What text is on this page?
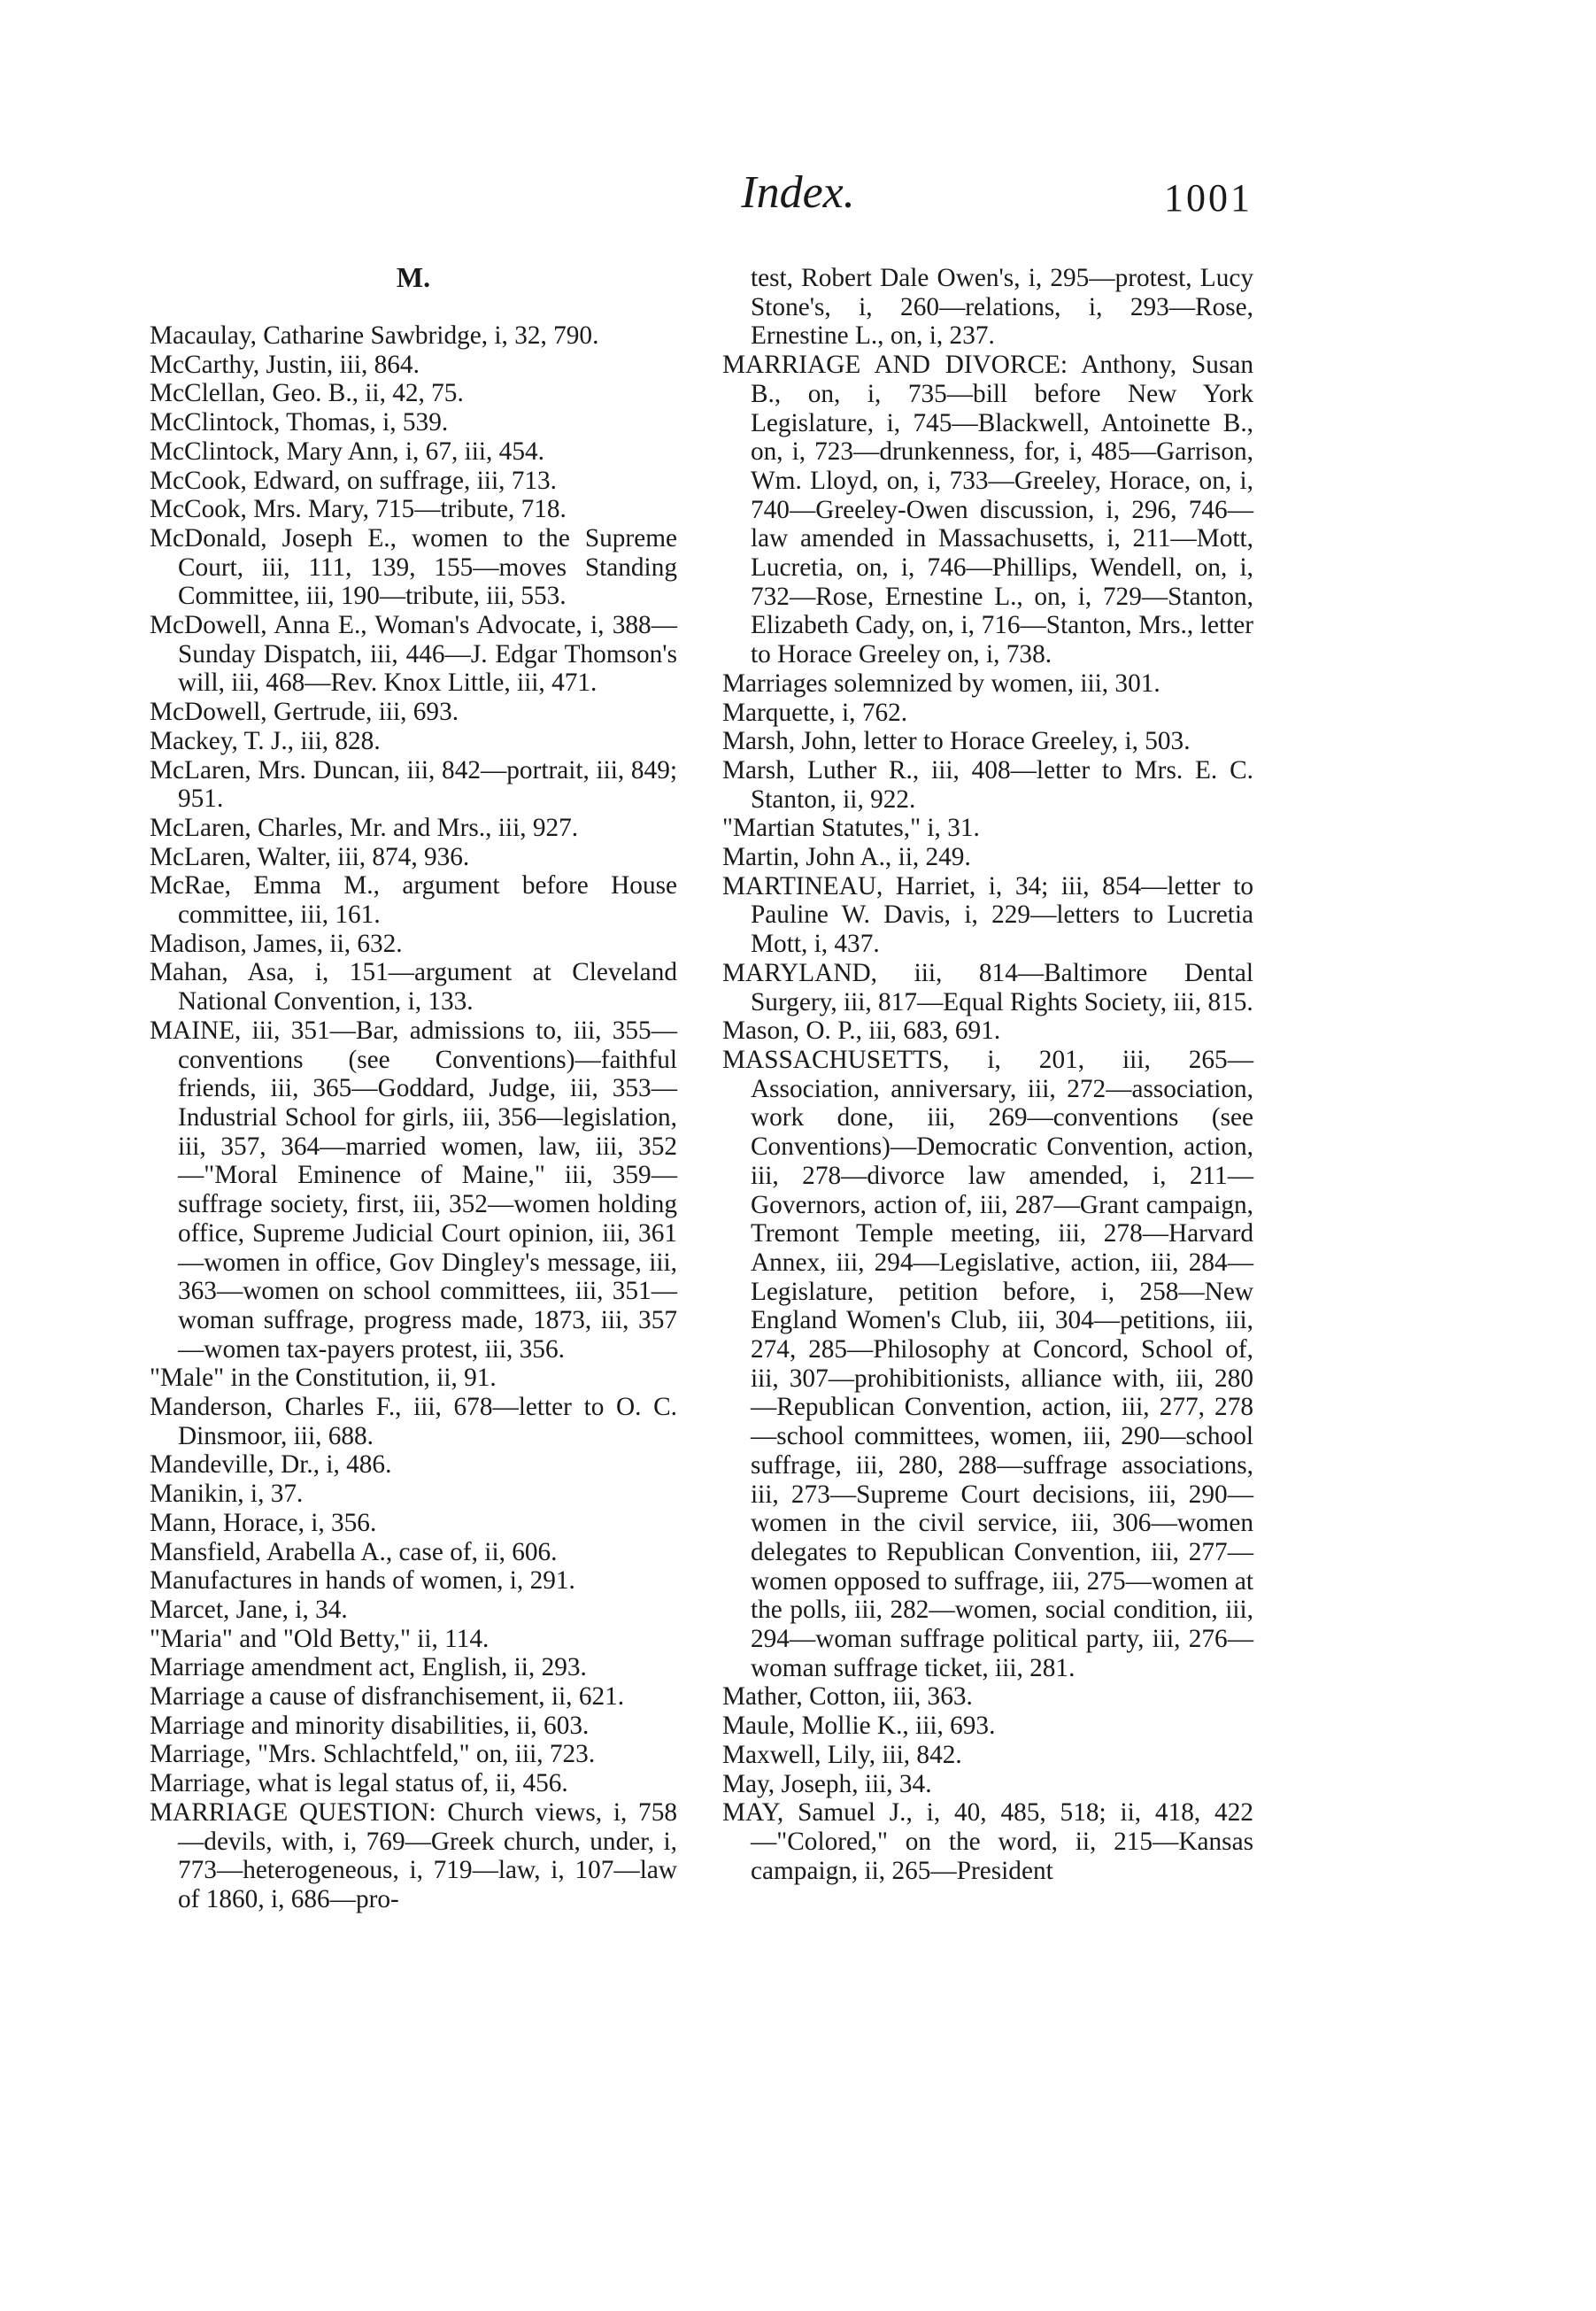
Index.	1001
M.

Macaulay, Catharine Sawbridge, i, 32, 790.

McCarthy, Justin, iii, 864.

McClellan, Geo. B., ii, 42, 75.

McClintock, Thomas, i, 539.

McClintock, Mary Ann, i, 67, iii, 454.

McCook, Edward, on suffrage, iii, 713.

McCook, Mrs. Mary, 715—tribute, 718.

McDonald, Joseph E., women to the Supreme Court, iii, 111, 139, 155—moves Standing Committee, iii, 190—tribute, iii, 553.

McDowell, Anna E., Woman's Advocate, i, 388—Sunday Dispatch, iii, 446—J. Edgar Thomson's will, iii, 468—Rev. Knox Little, iii, 471.

McDowell, Gertrude, iii, 693.

Mackey, T. J., iii, 828.

McLaren, Mrs. Duncan, iii, 842—portrait, iii, 849; 951.

McLaren, Charles, Mr. and Mrs., iii, 927.

McLaren, Walter, iii, 874, 936.

McRae, Emma M., argument before House committee, iii, 161.

Madison, James, ii, 632.

Mahan, Asa, i, 151—argument at Cleveland National Convention, i, 133.

MAINE, iii, 351—Bar, admissions to, iii, 355—conventions (see Conventions)—faithful friends, iii, 365—Goddard, Judge, iii, 353—Industrial School for girls, iii, 356—legislation, iii, 357, 364—married women, law, iii, 352—"Moral Eminence of Maine," iii, 359—suffrage society, first, iii, 352—women holding office, Supreme Judicial Court opinion, iii, 361—women in office, Gov Dingley's message, iii, 363—women on school committees, iii, 351—woman suffrage, progress made, 1873, iii, 357—women tax-payers protest, iii, 356.

"Male" in the Constitution, ii, 91.

Manderson, Charles F., iii, 678—letter to O. C. Dinsmoor, iii, 688.

Mandeville, Dr., i, 486.

Manikin, i, 37.

Mann, Horace, i, 356.

Mansfield, Arabella A., case of, ii, 606.

Manufactures in hands of women, i, 291.

Marcet, Jane, i, 34.

"Maria" and "Old Betty," ii, 114.

Marriage amendment act, English, ii, 293.

Marriage a cause of disfranchisement, ii, 621.

Marriage and minority disabilities, ii, 603.

Marriage, "Mrs. Schlachtfeld," on, iii, 723.

Marriage, what is legal status of, ii, 456.

MARRIAGE QUESTION: Church views, i, 758—devils, with, i, 769—Greek church, under, i, 773—heterogeneous, i, 719—law, i, 107—law of 1860, i, 686—pro-

test, Robert Dale Owen's, i, 295—protest, Lucy Stone's, i, 260—relations, i, 293—Rose, Ernestine L., on, i, 237.

MARRIAGE AND DIVORCE: Anthony, Susan B., on, i, 735—bill before New York Legislature, i, 745—Blackwell, Antoinette B., on, i, 723—drunkenness, for, i, 485—Garrison, Wm. Lloyd, on, i, 733—Greeley, Horace, on, i, 740—Greeley-Owen discussion, i, 296, 746—law amended in Massachusetts, i, 211—Mott, Lucretia, on, i, 746—Phillips, Wendell, on, i, 732—Rose, Ernestine L., on, i, 729—Stanton, Elizabeth Cady, on, i, 716—Stanton, Mrs., letter to Horace Greeley on, i, 738.

Marriages solemnized by women, iii, 301.

Marquette, i, 762.

Marsh, John, letter to Horace Greeley, i, 503.

Marsh, Luther R., iii, 408—letter to Mrs. E. C. Stanton, ii, 922.

"Martian Statutes," i, 31.

Martin, John A., ii, 249.

MARTINEAU, Harriet, i, 34; iii, 854—letter to Pauline W. Davis, i, 229—letters to Lucretia Mott, i, 437.

MARYLAND, iii, 814—Baltimore Dental Surgery, iii, 817—Equal Rights Society, iii, 815.

Mason, O. P., iii, 683, 691.

MASSACHUSETTS, i, 201, iii, 265—Association, anniversary, iii, 272—association, work done, iii, 269—conventions (see Conventions)—Democratic Convention, action, iii, 278—divorce law amended, i, 211—Governors, action of, iii, 287—Grant campaign, Tremont Temple meeting, iii, 278—Harvard Annex, iii, 294—Legislative, action, iii, 284—Legislature, petition before, i, 258—New England Women's Club, iii, 304—petitions, iii, 274, 285—Philosophy at Concord, School of, iii, 307—prohibitionists, alliance with, iii, 280—Republican Convention, action, iii, 277, 278—school committees, women, iii, 290—school suffrage, iii, 280, 288—suffrage associations, iii, 273—Supreme Court decisions, iii, 290—women in the civil service, iii, 306—women delegates to Republican Convention, iii, 277—women opposed to suffrage, iii, 275—women at the polls, iii, 282—women, social condition, iii, 294—woman suffrage political party, iii, 276—woman suffrage ticket, iii, 281.

Mather, Cotton, iii, 363.

Maule, Mollie K., iii, 693.

Maxwell, Lily, iii, 842.

May, Joseph, iii, 34.

MAY, Samuel J., i, 40, 485, 518; ii, 418, 422—"Colored," on the word, ii, 215—Kansas campaign, ii, 265—President
